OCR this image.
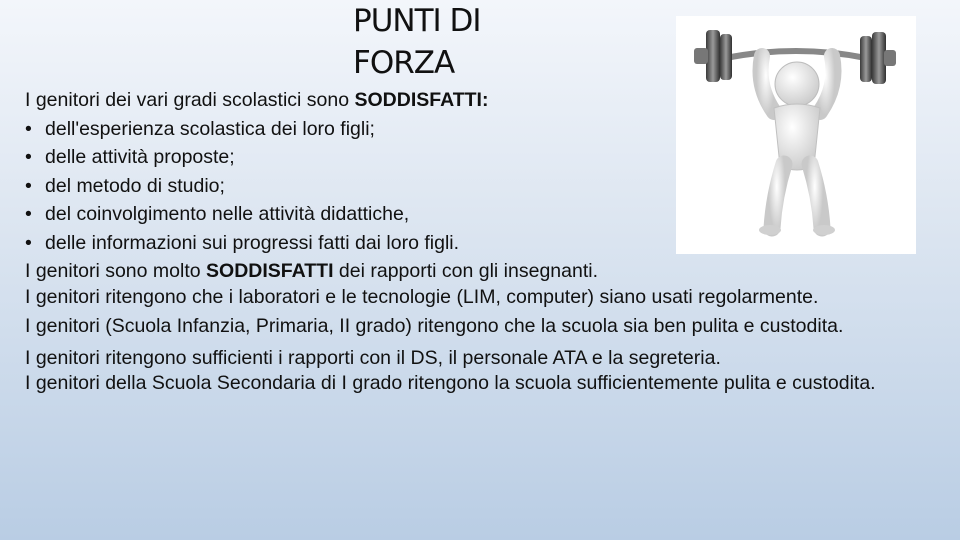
PUNTI DI
FORZA

I genitori dei vari gradi scolastici sono SODDISFATTI:

• dell'esperienza scolastica dei loro figli;

• delle attività proposte;

• del metodo di studio;

• del coinvolgimento nelle attività didattiche,

• delle informazioni sui progressi fatti dai loro figli.

I genitori sono molto SODDISFATTI dei rapporti con gli insegnanti.

I genitori ritengono che i laboratori e le tecnologie (LIM, computer) siano usati regolarmente.

I genitori (Scuola Infanzia, Primaria, II grado) ritengono che la scuola sia ben pulita e custodita.

I genitori ritengono sufficienti i rapporti con il DS, il personale ATA e la segreteria.

I genitori della Scuola Secondaria di I grado ritengono la scuola sufficientemente pulita e custodita.
